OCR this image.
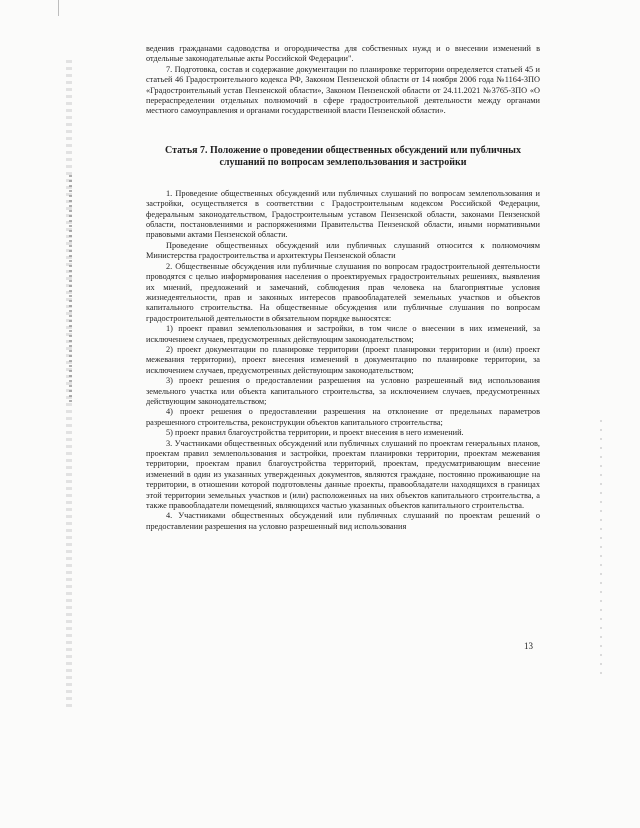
веденив гражданами садоводства и огородничества для собственных нужд и о внесении изменений в отдельные законодательные акты Российской Федерации".

7. Подготовка, состав и содержание документации по планировке территории определяется статьей 45 и статьей 46 Градостроительного кодекса РФ, Законом Пензенской области от 14 ноября 2006 года №1164-ЗПО «Градостроительный устав Пензенской области», Законом Пензенской области от 24.11.2021 №3765-ЗПО «О перераспределении отдельных полномочий в сфере градостроительной деятельности между органами местного самоуправления и органами государственной власти Пензенской области».

Статья 7. Положение о проведении общественных обсуждений или публичных слушаний по вопросам землепользования и застройки

1. Проведение общественных обсуждений или публичных слушаний по вопросам землепользования и застройки, осуществляется в соответствии с Градостроительным кодексом Российской Федерации, федеральным законодательством, Градостроительным уставом Пензенской области, законами Пензенской области, постановлениями и распоряжениями Правительства Пензенской области, иными нормативными правовыми актами Пензенской области.

Проведение общественных обсуждений или публичных слушаний относится к полномочиям Министерства градостроительства и архитектуры Пензенской области

2. Общественные обсуждения или публичные слушания по вопросам градостроительной деятельности проводятся с целью информирования населения о проектируемых градостроительных решениях, выявления их мнений, предложений и замечаний, соблюдения прав человека на благоприятные условия жизнедеятельности, прав и законных интересов правообладателей земельных участков и объектов капитального строительства. На общественные обсуждения или публичные слушания по вопросам градостроительной деятельности в обязательном порядке выносятся:

1) проект правил землепользования и застройки, в том числе о внесении в них изменений, за исключением случаев, предусмотренных действующим законодательством;

2) проект документации по планировке территории (проект планировки территории и (или) проект межевания территории), проект внесения изменений в документацию по планировке территории, за исключением случаев, предусмотренных действующим законодательством;

3) проект решения о предоставлении разрешения на условно разрешенный вид использования земельного участка или объекта капитального строительства, за исключением случаев, предусмотренных действующим законодательством;

4) проект решения о предоставлении разрешения на отклонение от предельных параметров разрешенного строительства, реконструкции объектов капитального строительства;

5) проект правил благоустройства территории, и проект внесения в него изменений.

3. Участниками общественных обсуждений или публичных слушаний по проектам генеральных планов, проектам правил землепользования и застройки, проектам планировки территории, проектам межевания территории, проектам правил благоустройства территорий, проектам, предусматривающим внесение изменений в один из указанных утвержденных документов, являются граждане, постоянно проживающие на территории, в отношении которой подготовлены данные проекты, правообладатели находящихся в границах этой территории земельных участков и (или) расположенных на них объектов капитального строительства, а также правообладатели помещений, являющихся частью указанных объектов капитального строительства.

4. Участниками общественных обсуждений или публичных слушаний по проектам решений о предоставлении разрешения на условно разрешенный вид использования

13
